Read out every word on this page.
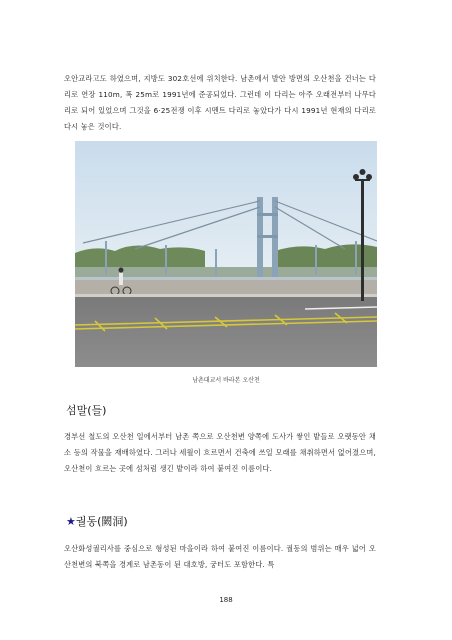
오안교라고도 하였으며, 지방도 302호선에 위치한다. 남촌에서 발안 방면의 오산천을 건너는 다리로 연장 110m, 폭 25m로 1991년에 준공되었다. 그런데 이 다리는 아주 오래전부터 나무다리로 되어 있었으며 그것을 6·25전쟁 이후 시멘트 다리로 놓았다가 다시 1991년 현재의 다리로 다시 놓은 것이다.

남촌대교서 바라본 오산천

섬말(들)

경부선 철도의 오산천 일에서부터 남촌 쪽으로 오산천변 양쪽에 도사가 쌓인 밭들로 오랫동안 채소 등의 작물을 재배하였다. 그러나 세월이 흐르면서 건축에 쓰일 모래를 채취하면서 없어졌으며, 오산천이 흐르는 곳에 섬처럼 생긴 밭이라 하여 붙여진 이름이다.

★궐동(闕洞)

오산화성궐리사를 중심으로 형성된 마을이라 하여 붙여진 이름이다. 궐동의 범위는 매우 넓어 오산천변의 북쪽을 경계로 남촌동이 된 대호방, 궁터도 포함한다. 특

188
